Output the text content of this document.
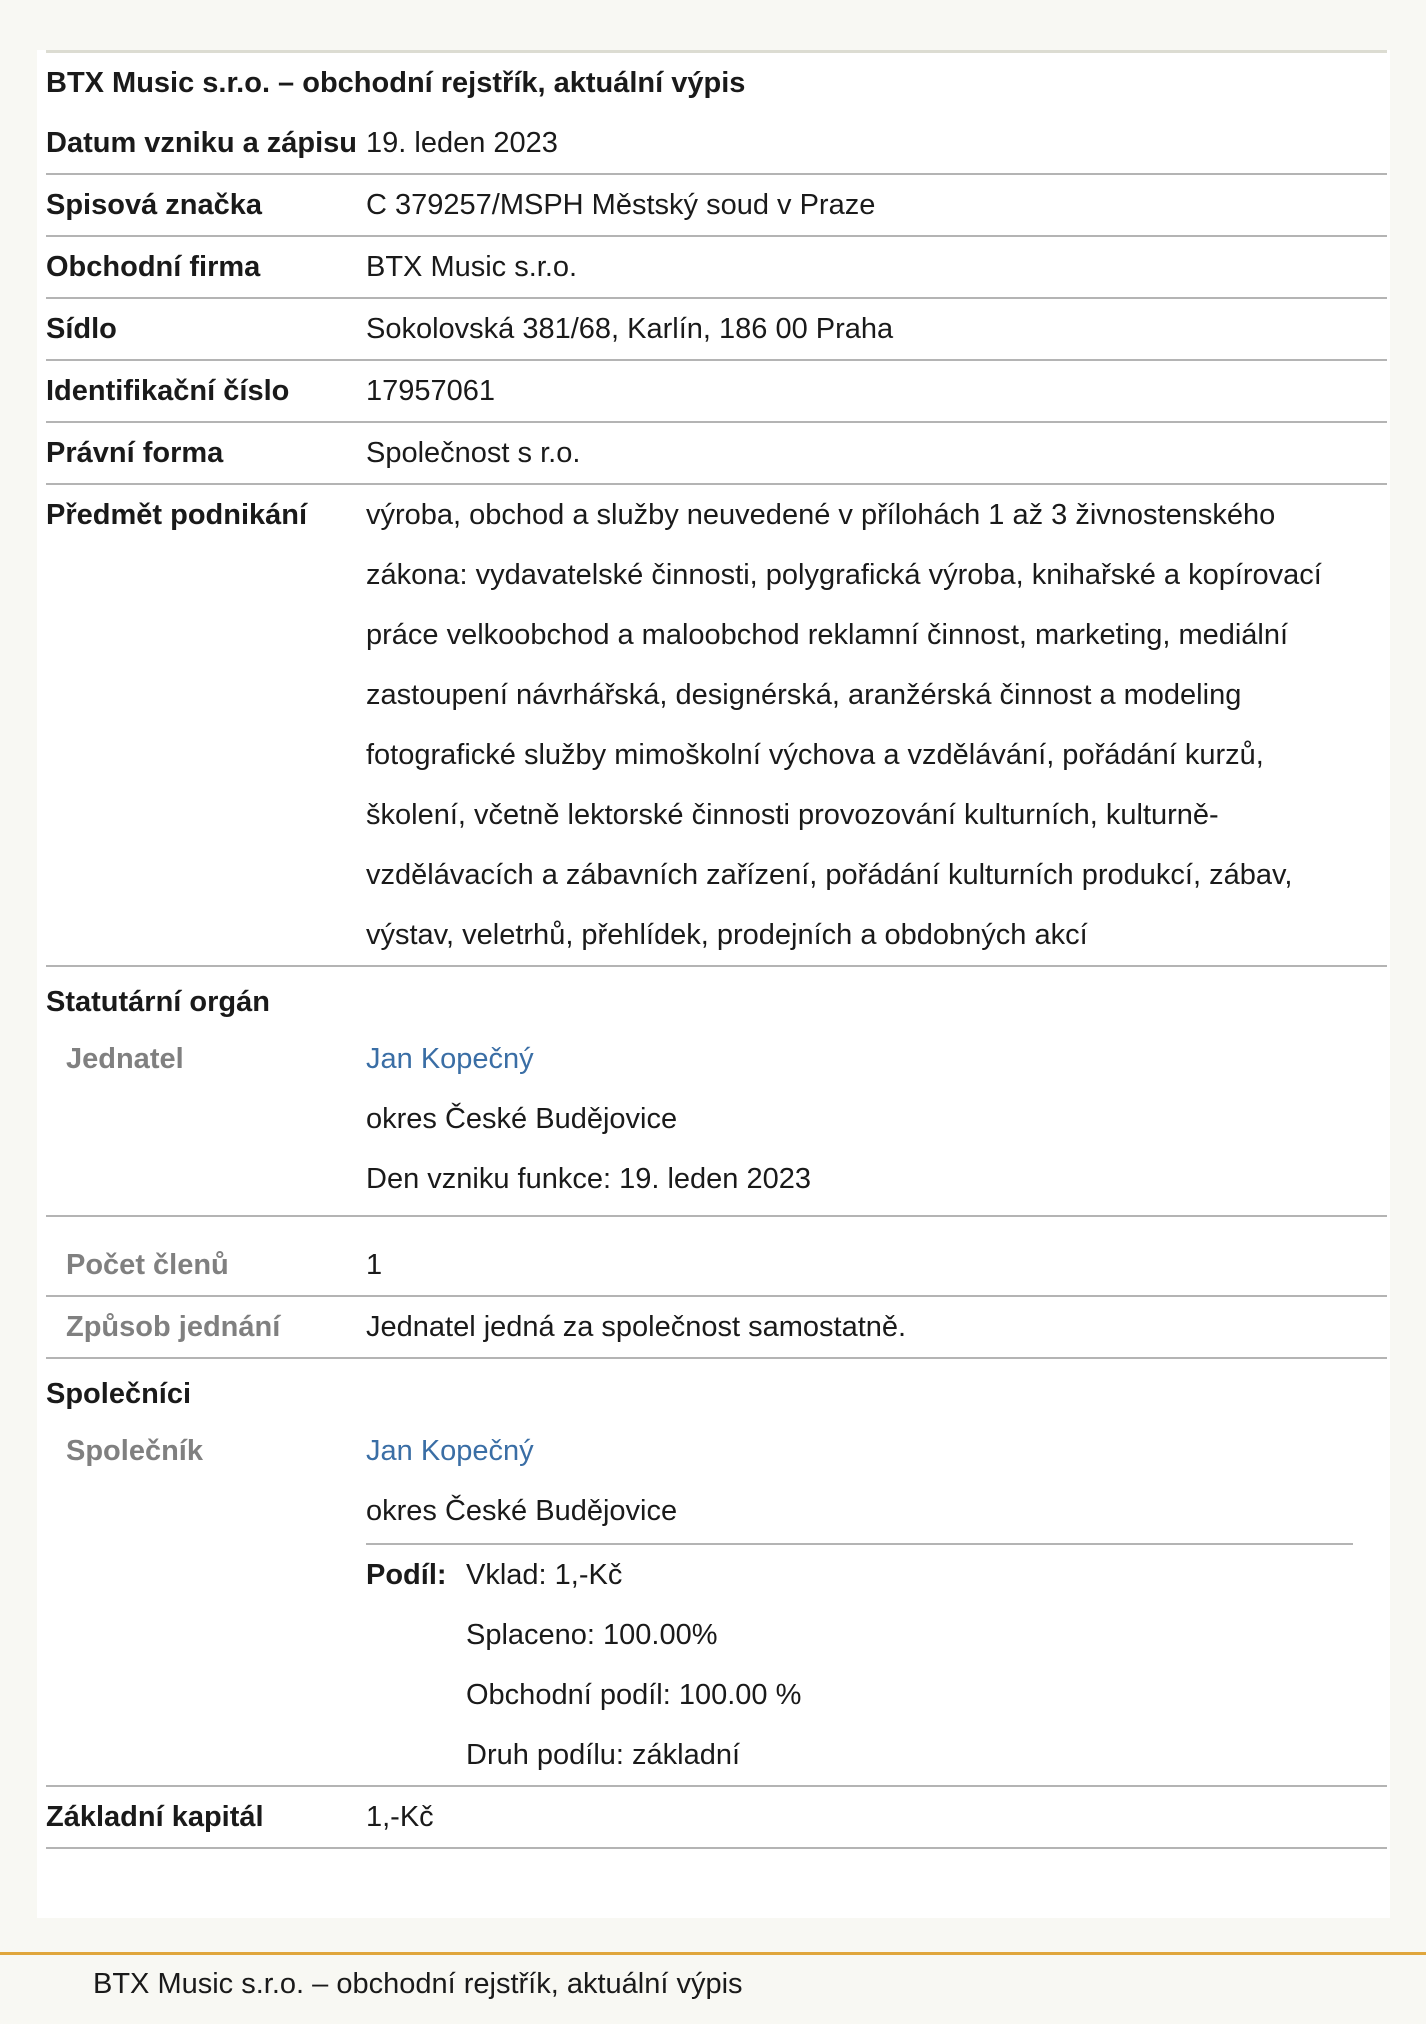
BTX Music s.r.o. – obchodní rejstřík, aktuální výpis
Datum vzniku a zápisu 19. leden 2023
Spisová značka	C 379257/MSPH Městský soud v Praze
Obchodní firma	BTX Music s.r.o.
Sídlo	Sokolovská 381/68, Karlín, 186 00 Praha
Identifikační číslo	17957061
Právní forma	Společnost s r.o.
Předmět podnikání	výroba, obchod a služby neuvedené v přílohách 1 až 3 živnostenského zákona: vydavatelské činnosti, polygrafická výroba, knihařské a kopírovací práce velkoobchod a maloobchod reklamní činnost, marketing, mediální zastoupení návrhářská, designérská, aranžérská činnost a modeling fotografické služby mimoškolní výchova a vzdělávání, pořádání kurzů, školení, včetně lektorské činnosti provozování kulturních, kulturně-vzdělávacích a zábavních zařízení, pořádání kulturních produkcí, zábav, výstav, veletrhů, přehlídek, prodejních a obdobných akcí
Statutární orgán
Jednatel	Jan Kopečný
okres České Budějovice
Den vzniku funkce: 19. leden 2023
Počet členů	1
Způsob jednání	Jednatel jedná za společnost samostatně.
Společníci
Společník	Jan Kopečný
okres České Budějovice
Podíl: Vklad: 1,-Kč
Splaceno: 100.00%
Obchodní podíl: 100.00 %
Druh podílu: základní
Základní kapitál	1,-Kč
BTX Music s.r.o. – obchodní rejstřík, aktuální výpis
